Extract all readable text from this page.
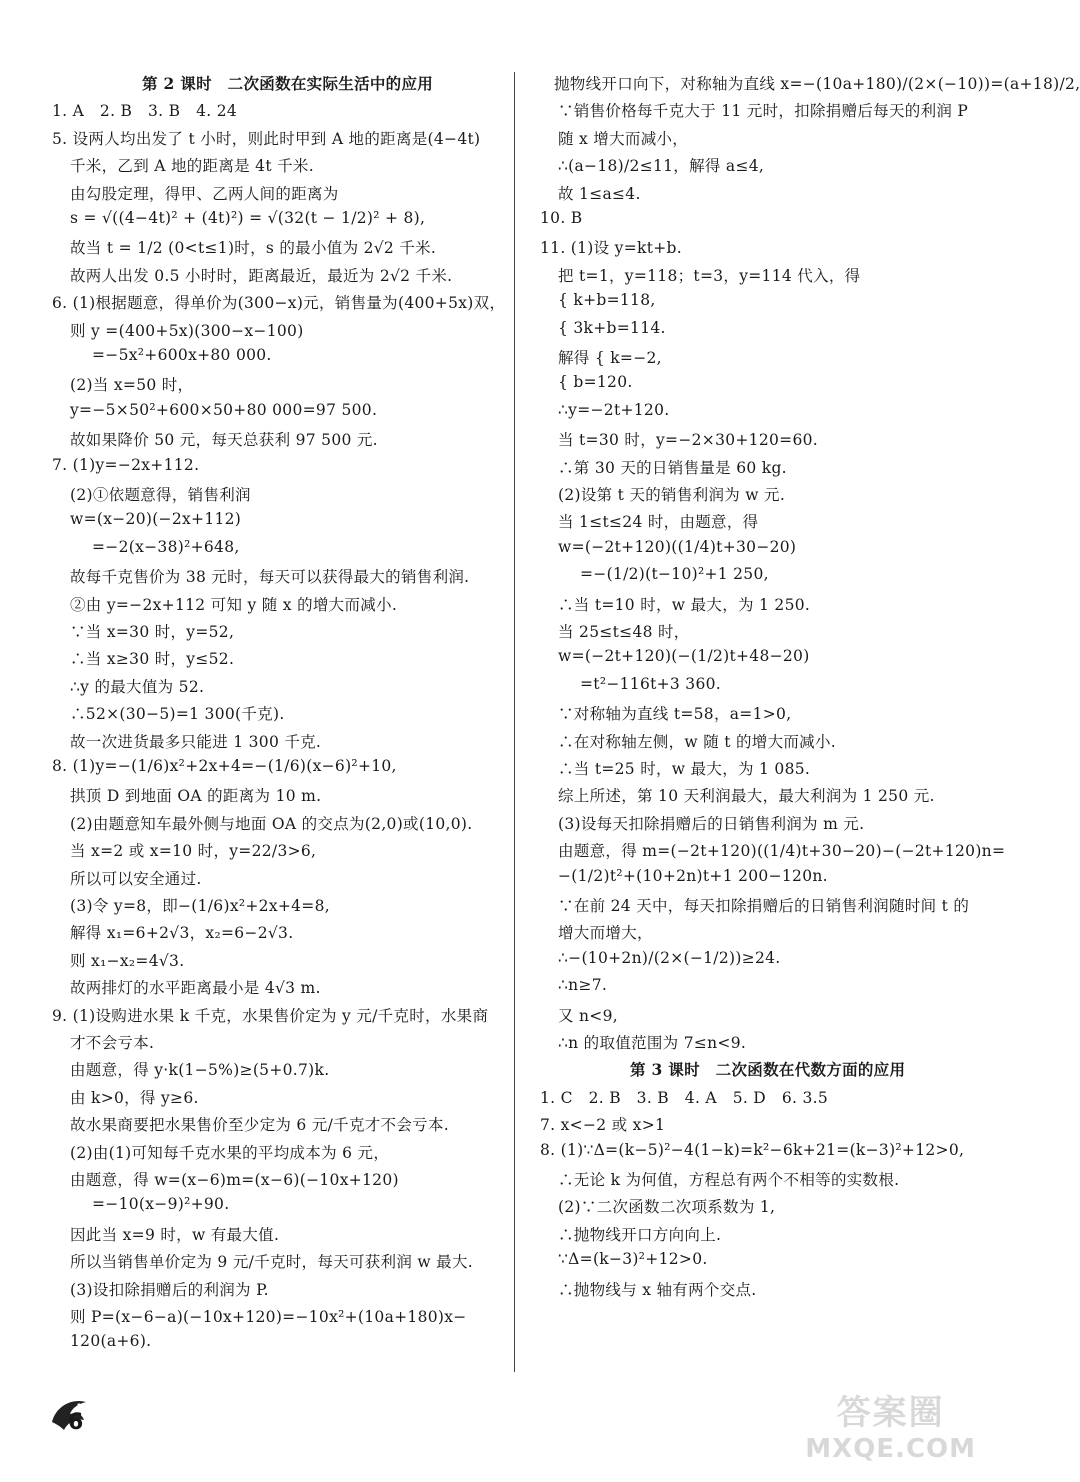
第 2 课时　二次函数在实际生活中的应用
1. A　2. B　3. B　4. 24
5. 设两人均出发了 t 小时，则此时甲到 A 地的距离是(4−4t)
千米，乙到 A 地的距离是 4t 千米.
由勾股定理，得甲、乙两人间的距离为
s = √((4−4t)² + (4t)²) = √(32(t − 1/2)² + 8),
故当 t = 1/2 (0<t≤1)时，s 的最小值为 2√2 千米.
故两人出发 0.5 小时时，距离最近，最近为 2√2 千米.
6. (1)根据题意，得单价为(300−x)元，销售量为(400+5x)双，
则 y =(400+5x)(300−x−100)
=−5x²+600x+80 000.
(2)当 x=50 时，
y=−5×50²+600×50+80 000=97 500.
故如果降价 50 元，每天总获利 97 500 元.
7. (1)y=−2x+112.
(2)①依题意得，销售利润
w=(x−20)(−2x+112)
=−2(x−38)²+648,
故每千克售价为 38 元时，每天可以获得最大的销售利润.
②由 y=−2x+112 可知 y 随 x 的增大而减小.
∵当 x=30 时，y=52,
∴当 x≥30 时，y≤52.
∴y 的最大值为 52.
∴52×(30−5)=1 300(千克).
故一次进货最多只能进 1 300 千克.
8. (1)y=−(1/6)x²+2x+4=−(1/6)(x−6)²+10,
拱顶 D 到地面 OA 的距离为 10 m.
(2)由题意知车最外侧与地面 OA 的交点为(2,0)或(10,0).
当 x=2 或 x=10 时，y=22/3>6,
所以可以安全通过.
(3)令 y=8，即−(1/6)x²+2x+4=8,
解得 x₁=6+2√3，x₂=6−2√3.
则 x₁−x₂=4√3.
故两排灯的水平距离最小是 4√3 m.
9. (1)设购进水果 k 千克，水果售价定为 y 元/千克时，水果商
才不会亏本.
由题意，得 y·k(1−5%)≥(5+0.7)k.
由 k>0，得 y≥6.
故水果商要把水果售价至少定为 6 元/千克才不会亏本.
(2)由(1)可知每千克水果的平均成本为 6 元，
由题意，得 w=(x−6)m=(x−6)(−10x+120)
=−10(x−9)²+90.
因此当 x=9 时，w 有最大值.
所以当销售单价定为 9 元/千克时，每天可获利润 w 最大.
(3)设扣除捐赠后的利润为 P.
则 P=(x−6−a)(−10x+120)=−10x²+(10a+180)x−
120(a+6).
抛物线开口向下，对称轴为直线 x=−(10a+180)/(2×(−10))=(a+18)/2,
∵销售价格每千克大于 11 元时，扣除捐赠后每天的利润 P
随 x 增大而减小，
∴(a−18)/2≤11，解得 a≤4,
故 1≤a≤4.
10. B
11. (1)设 y=kt+b.
把 t=1，y=118；t=3，y=114 代入，得
{ k+b=118,
{ 3k+b=114.
解得 { k=−2,
{ b=120.
∴y=−2t+120.
当 t=30 时，y=−2×30+120=60.
∴第 30 天的日销售量是 60 kg.
(2)设第 t 天的销售利润为 w 元.
当 1≤t≤24 时，由题意，得
w=(−2t+120)((1/4)t+30−20)
=−(1/2)(t−10)²+1 250,
∴当 t=10 时，w 最大，为 1 250.
当 25≤t≤48 时，
w=(−2t+120)(−(1/2)t+48−20)
=t²−116t+3 360.
∵对称轴为直线 t=58，a=1>0,
∴在对称轴左侧，w 随 t 的增大而减小.
∴当 t=25 时，w 最大，为 1 085.
综上所述，第 10 天利润最大，最大利润为 1 250 元.
(3)设每天扣除捐赠后的日销售利润为 m 元.
由题意，得 m=(−2t+120)((1/4)t+30−20)−(−2t+120)n=
−(1/2)t²+(10+2n)t+1 200−120n.
∵在前 24 天中，每天扣除捐赠后的日销售利润随时间 t 的
增大而增大，
∴−(10+2n)/(2×(−1/2))≥24.
∴n≥7.
又 n<9,
∴n 的取值范围为 7≤n<9.
第 3 课时　二次函数在代数方面的应用
1. C　2. B　3. B　4. A　5. D　6. 3.5
7. x<−2 或 x>1
8. (1)∵Δ=(k−5)²−4(1−k)=k²−6k+21=(k−3)²+12>0,
∴无论 k 为何值，方程总有两个不相等的实数根.
(2)∵二次函数二次项系数为 1,
∴抛物线开口方向向上.
∵Δ=(k−3)²+12>0.
∴抛物线与 x 轴有两个交点.
6	答案圈
MXQE.COM
